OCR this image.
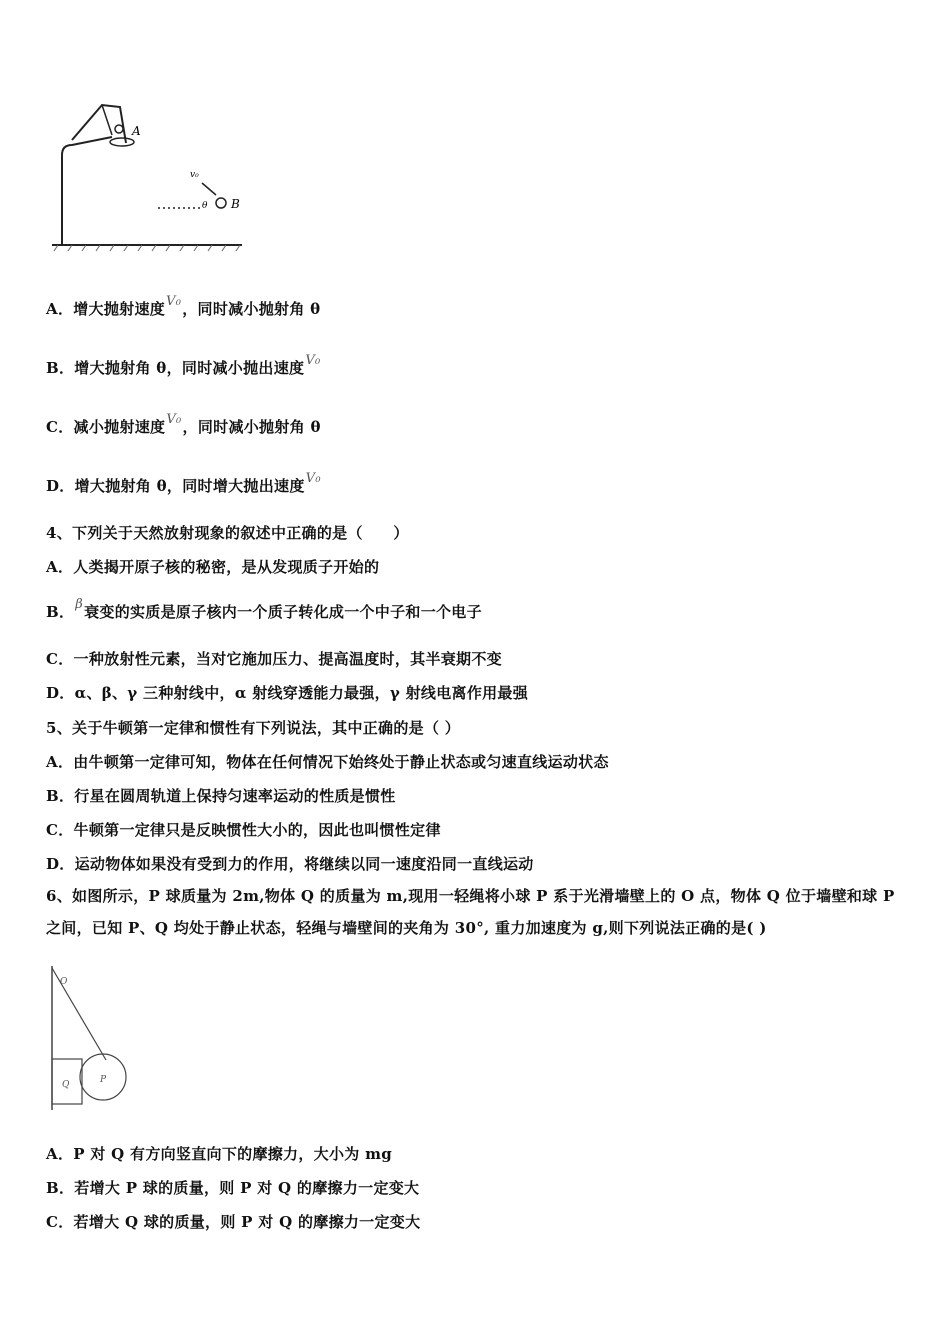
A
v₀
θ B
A．增大抛射速度V₀，同时减小抛射角 θ
B．增大抛射角 θ，同时减小抛出速度V₀
C．减小抛射速度V₀，同时减小抛射角 θ
D．增大抛射角 θ，同时增大抛出速度V₀
4、下列关于天然放射现象的叙述中正确的是（　　）
A．人类揭开原子核的秘密，是从发现质子开始的
B．β衰变的实质是原子核内一个质子转化成一个中子和一个电子
C．一种放射性元素，当对它施加压力、提高温度时，其半衰期不变
D．α、β、γ 三种射线中，α 射线穿透能力最强，γ 射线电离作用最强
5、关于牛顿第一定律和惯性有下列说法，其中正确的是（ ）
A．由牛顿第一定律可知，物体在任何情况下始终处于静止状态或匀速直线运动状态
B．行星在圆周轨道上保持匀速率运动的性质是惯性
C．牛顿第一定律只是反映惯性大小的，因此也叫惯性定律
D．运动物体如果没有受到力的作用，将继续以同一速度沿同一直线运动
6、如图所示，P 球质量为 2m,物体 Q 的质量为 m,现用一轻绳将小球 P 系于光滑墙壁上的 O 点，物体 Q 位于墙壁和球 P 之间，已知 P、Q 均处于静止状态，轻绳与墙壁间的夹角为 30°, 重力加速度为 g,则下列说法正确的是( )
O
Q	P
A．P 对 Q 有方向竖直向下的摩擦力，大小为 mg
B．若增大 P 球的质量，则 P 对 Q 的摩擦力一定变大
C．若增大 Q 球的质量，则 P 对 Q 的摩擦力一定变大
